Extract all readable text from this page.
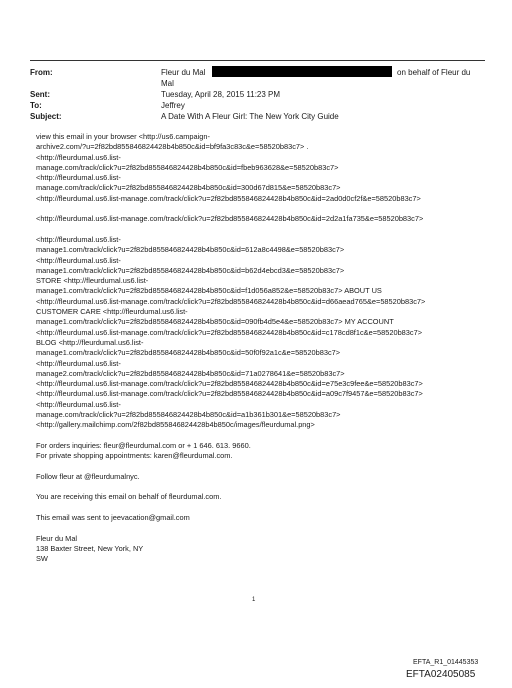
From:	Fleur du Mal	on behalf of Fleur du
Mal
Sent:	Tuesday, April 28, 2015 11:23 PM
To:	Jeffrey
Subject:	A Date With A Fleur Girl: The New York City Guide
view this email in your browser <http://us6.campaign-
archive2.com/?u=2f82bd855846824428b4b850c&id=bf9fa3c83c&e=58520b83c7> .
<http://fleurdumal.us6.list-
manage.com/track/click?u=2f82bd855846824428b4b850c&id=fbeb963628&e=58520b83c7>
<http://fleurdumal.us6.list-
manage.com/track/click?u=2f82bd855846824428b4b850c&id=300d67d815&e=58520b83c7>
<http://fleurdumal.us6.list-manage.com/track/click?u=2f82bd855846824428b4b850c&id=2ad0d0cf2f&e=58520b83c7>
<http://fleurdumal.us6.list-manage.com/track/click?u=2f82bd855846824428b4b850c&id=2d2a1fa735&e=58520b83c7>
<http://fleurdumal.us6.list-
manage1.com/track/click?u=2f82bd855846824428b4b850c&id=612a8c4498&e=58520b83c7>
<http://fleurdumal.us6.list-
manage1.com/track/click?u=2f82bd855846824428b4b850c&id=b62d4ebcd3&e=58520b83c7>
STORE <http://fleurdumal.us6.list-
manage1.com/track/click?u=2f82bd855846824428b4b850c&id=f1d056a852&e=58520b83c7> ABOUT US
<http://fleurdumal.us6.list-manage.com/track/click?u=2f82bd855846824428b4b850c&id=d66aead765&e=58520b83c7>
CUSTOMER CARE <http://fleurdumal.us6.list-
manage1.com/track/click?u=2f82bd855846824428b4b850c&id=090fb4d5e4&e=58520b83c7> MY ACCOUNT
<http://fleurdumal.us6.list-manage.com/track/click?u=2f82bd855846824428b4b850c&id=c178cd8f1c&e=58520b83c7>
BLOG <http://fleurdumal.us6.list-
manage1.com/track/click?u=2f82bd855846824428b4b850c&id=50f0f92a1c&e=58520b83c7>
<http://fleurdumal.us6.list-
manage2.com/track/click?u=2f82bd855846824428b4b850c&id=71a0278641&e=58520b83c7>
<http://fleurdumal.us6.list-manage.com/track/click?u=2f82bd855846824428b4b850c&id=e75e3c9fee&e=58520b83c7>
<http://fleurdumal.us6.list-manage.com/track/click?u=2f82bd855846824428b4b850c&id=a09c7f9457&e=58520b83c7>
<http://fleurdumal.us6.list-
manage.com/track/click?u=2f82bd855846824428b4b850c&id=a1b361b301&e=58520b83c7>
<http://gallery.mailchimp.com/2f82bd855846824428b4b850c/images/fleurdumal.png>
For orders inquiries: fleur@fleurdumal.com or + 1 646. 613. 9660.
For private shopping appointments: karen@fleurdumal.com.
Follow fleur at @fleurdumalnyc.
You are receiving this email on behalf of fleurdumal.com.
This email was sent to jeevacation@gmail.com
Fleur du Mal
138 Baxter Street, New York, NY
SW
1
EFTA_R1_01445353
EFTA02405085
